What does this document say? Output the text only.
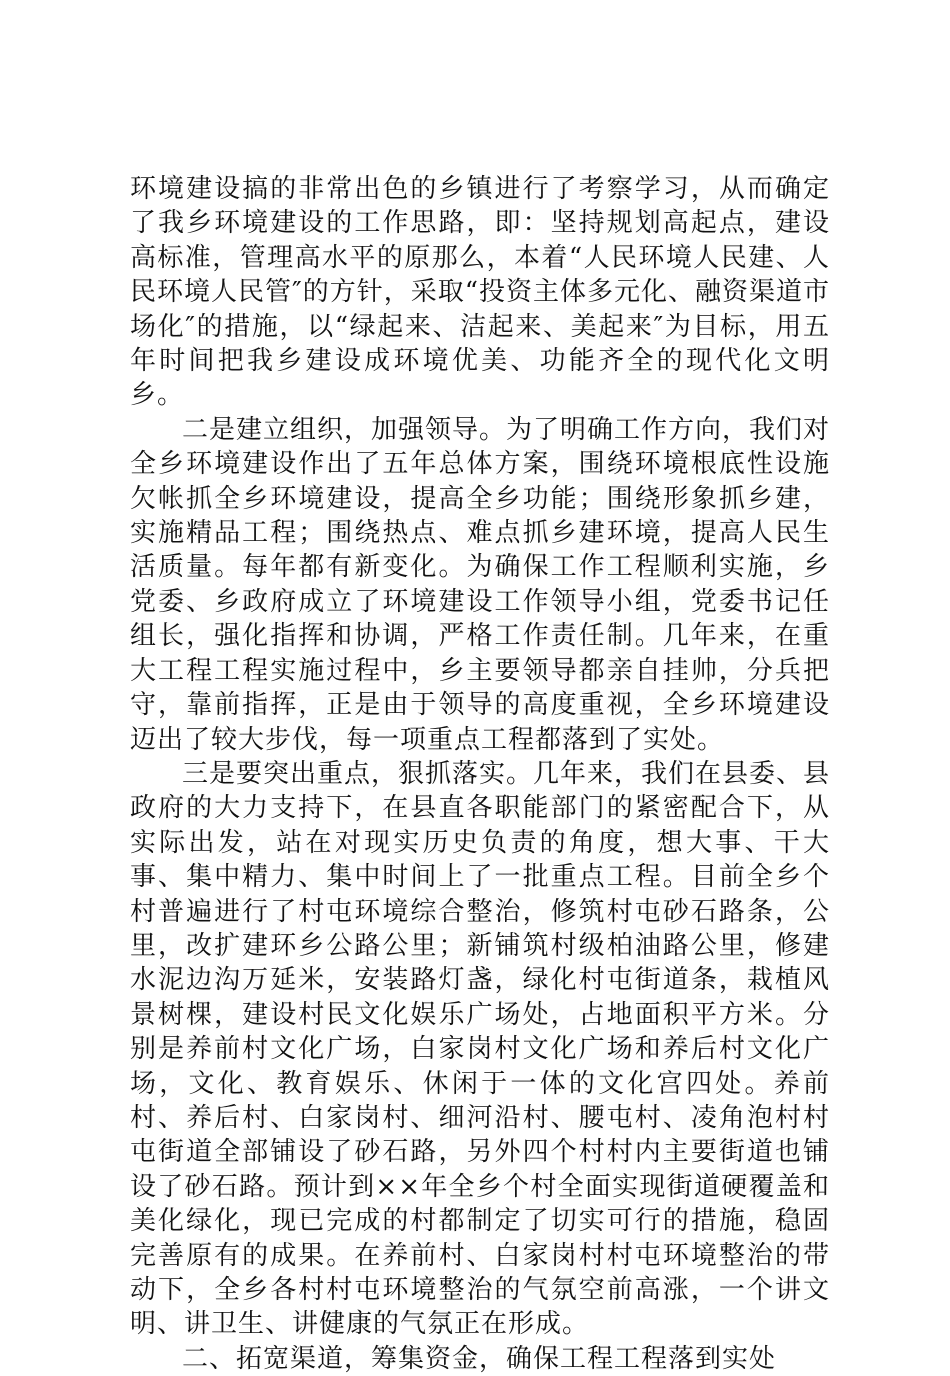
环境建设搞的非常出色的乡镇进行了考察学习，从而确定了我乡环境建设的工作思路，即：坚持规划高起点，建设高标准，管理高水平的原那么，本着“人民环境人民建、人民环境人民管″的方针，采取“投资主体多元化、融资渠道市场化″的措施，以“绿起来、洁起来、美起来″为目标，用五年时间把我乡建设成环境优美、功能齐全的现代化文明乡。

二是建立组织，加强领导。为了明确工作方向，我们对全乡环境建设作出了五年总体方案，围绕环境根底性设施欠帐抓全乡环境建设，提高全乡功能；围绕形象抓乡建，实施精品工程；围绕热点、难点抓乡建环境，提高人民生活质量。每年都有新变化。为确保工作工程顺利实施，乡党委、乡政府成立了环境建设工作领导小组，党委书记任组长，强化指挥和协调，严格工作责任制。几年来，在重大工程工程实施过程中，乡主要领导都亲自挂帅，分兵把守，靠前指挥，正是由于领导的高度重视，全乡环境建设迈出了较大步伐，每一项重点工程都落到了实处。

三是要突出重点，狠抓落实。几年来，我们在县委、县政府的大力支持下，在县直各职能部门的紧密配合下，从实际出发，站在对现实历史负责的角度，想大事、干大事、集中精力、集中时间上了一批重点工程。目前全乡个村普遍进行了村屯环境综合整治，修筑村屯砂石路条，公里，改扩建环乡公路公里；新铺筑村级柏油路公里，修建水泥边沟万延米，安装路灯盏，绿化村屯街道条，栽植风景树棵，建设村民文化娱乐广场处，占地面积平方米。分别是养前村文化广场，白家岗村文化广场和养后村文化广场，文化、教育娱乐、休闲于一体的文化宫四处。养前村、养后村、白家岗村、细河沿村、腰屯村、凌角泡村村屯街道全部铺设了砂石路，另外四个村村内主要街道也铺设了砂石路。预计到××年全乡个村全面实现街道硬覆盖和美化绿化，现已完成的村都制定了切实可行的措施，稳固完善原有的成果。在养前村、白家岗村村屯环境整治的带动下，全乡各村村屯环境整治的气氛空前高涨，一个讲文明、讲卫生、讲健康的气氛正在形成。

二、拓宽渠道，筹集资金，确保工程工程落到实处
